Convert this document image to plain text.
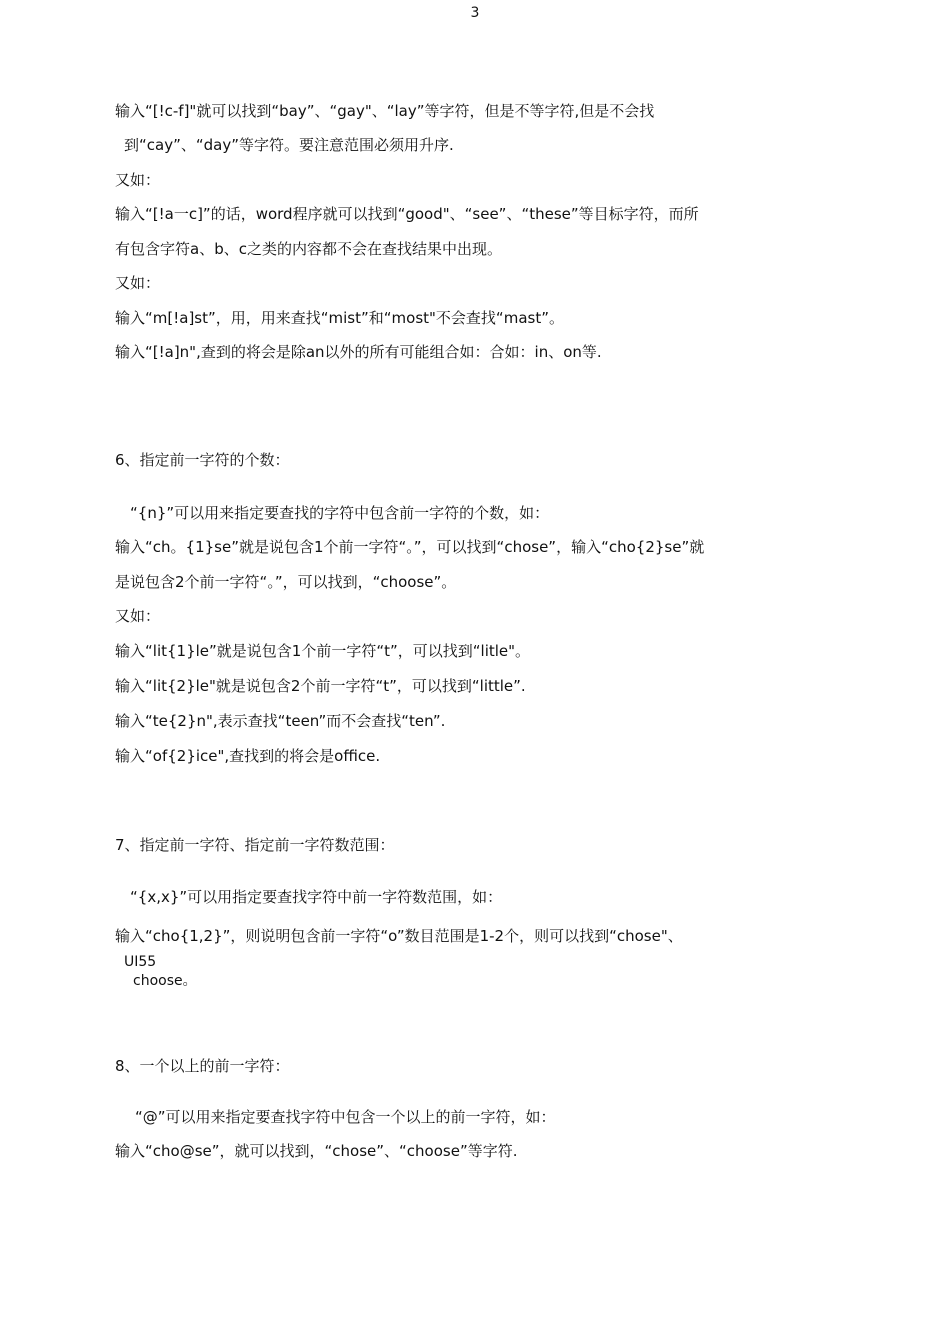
3
输入“[!c-f]"就可以找到“bay”、“gay"、“lay”等字符，但是不等字符,但是不会找
到“cay”、“day”等字符。要注意范围必须用升序.
又如：
输入“[!a一c]”的话，word程序就可以找到“good"、“see”、“these”等目标字符，而所
有包含字符a、b、c之类的内容都不会在查找结果中出现。
又如：
输入“m[!a]st”，用，用来查找“mist”和“most"不会查找“mast”。
输入“[!a]n",查到的将会是除an以外的所有可能组合如：合如：in、on等.
6、指定前一字符的个数：
“{n}”可以用来指定要查找的字符中包含前一字符的个数，如：
输入“ch。{1}se”就是说包含1个前一字符“。”，可以找到“chose”，输入“cho{2}se”就
是说包含2个前一字符“。”，可以找到，“choose”。
又如：
输入“lit{1}le”就是说包含1个前一字符“t”，可以找到“litle"。
输入“lit{2}le"就是说包含2个前一字符“t”，可以找到“little”.
输入“te{2}n",表示查找“teen”而不会查找“ten”.
输入“of{2}ice",查找到的将会是office.
7、指定前一字符、指定前一字符数范围：
“{x,x}”可以用指定要查找字符中前一字符数范围，如：
输入“cho{1,2}”，则说明包含前一字符“o”数目范围是1-2个，则可以找到“chose"、
UI55
choose。
8、一个以上的前一字符：
“@”可以用来指定要查找字符中包含一个以上的前一字符，如：
输入“cho@se”，就可以找到，“chose”、“choose”等字符.
